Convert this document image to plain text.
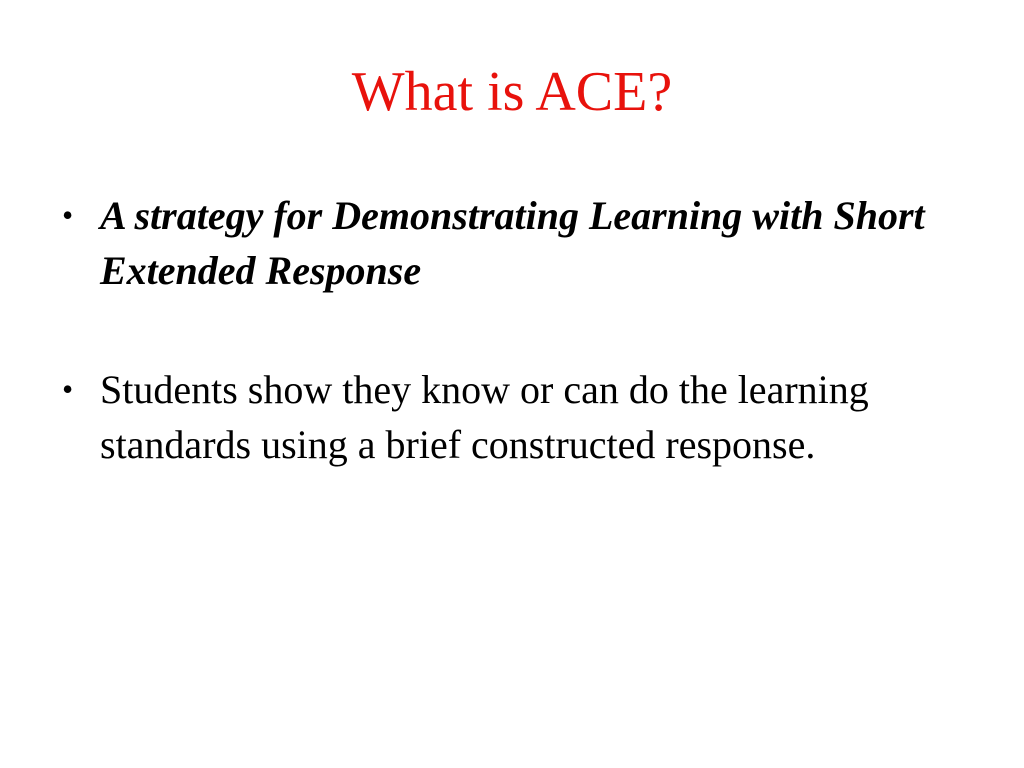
What is ACE?
• A strategy for Demonstrating Learning with Short Extended Response
• Students show they know or can do the learning standards using a brief constructed response.
